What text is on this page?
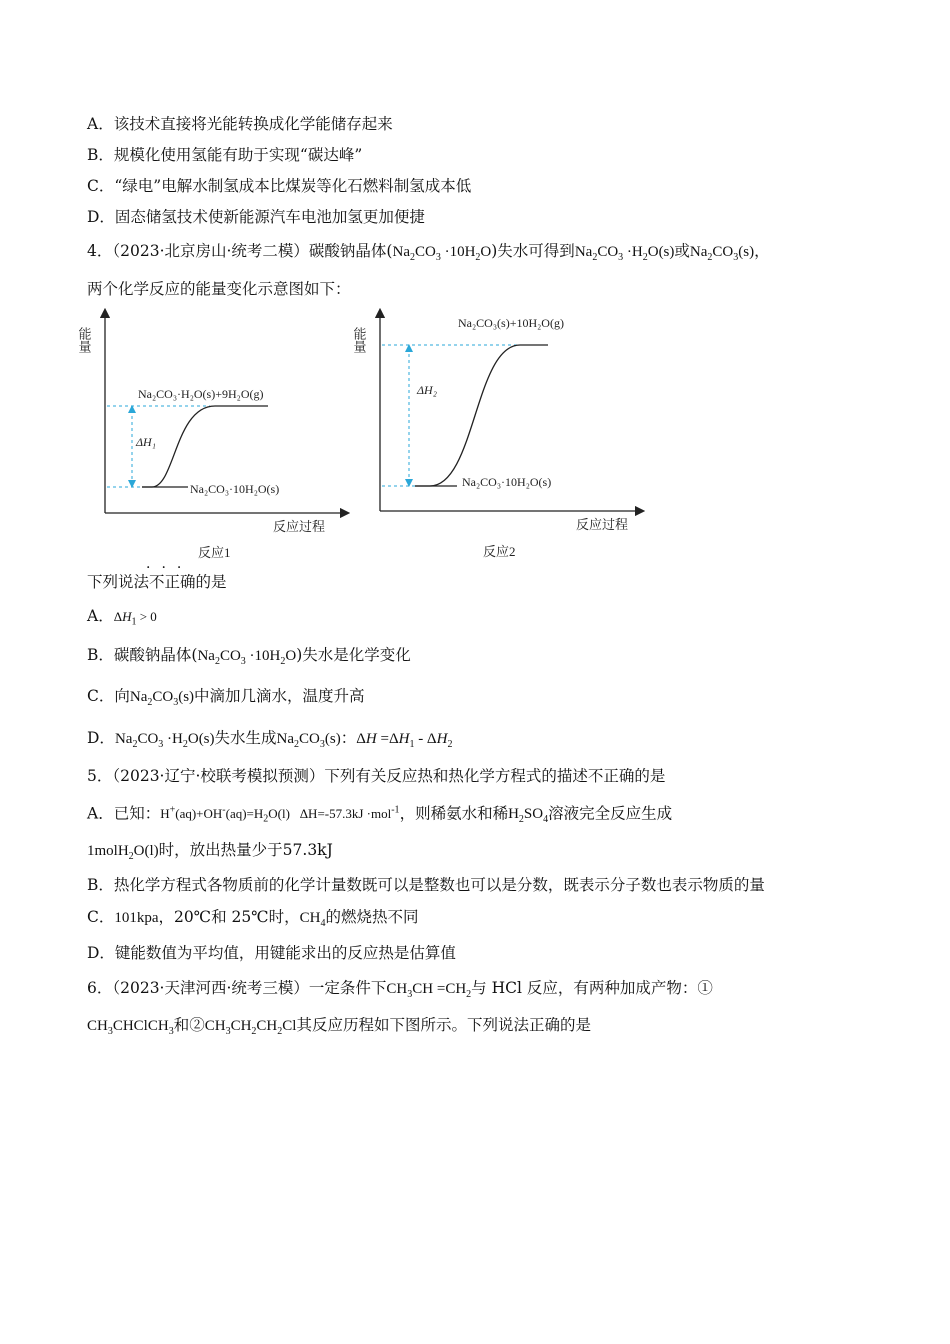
A．该技术直接将光能转换成化学能储存起来
B．规模化使用氢能有助于实现“碳达峰”
C．“绿电”电解水制氢成本比煤炭等化石燃料制氢成本低
D．固态储氢技术使新能源汽车电池加氢更加便捷
4．（2023·北京房山·统考二模）碳酸钠晶体$(Na_2CO_3 \cdot 10H_2O)$失水可得到$Na_2CO_3 \cdot H_2O(s)$或$Na_2CO_3(s)$，
两个化学反应的能量变化示意图如下：
能量
反应过程
Na₂CO₃·H₂O(s)+9H₂O(g)
Na₂CO₃·10H₂O(s)
ΔH₁
反应1
能量
反应过程
Na₂CO₃(s)+10H₂O(g)
Na₂CO₃·10H₂O(s)
ΔH₂
反应2
···
下列说法不正确的是
A．$\Delta H_1 > 0$
B．碳酸钠晶体$(Na_2CO_3 \cdot 10H_2O)$失水是化学变化
C．向$Na_2CO_3(s)$中滴加几滴水，温度升高
D．$Na_2CO_3 \cdot H_2O(s)$失水生成$Na_2CO_3(s)$：$\Delta H =\Delta H_1 - \Delta H_2$
5．（2023·辽宁·校联考模拟预测）下列有关反应热和热化学方程式的描述不正确的是
A．已知：$H^+(aq)+OH^-(aq)=H_2O(l)$   ΔH=-57.3kJ ·mol$^{-1}$，则稀氨水和稀$H_2SO_4$溶液完全反应生成
1molH$_2$O(l)时，放出热量少于57.3kJ
B．热化学方程式各物质前的化学计量数既可以是整数也可以是分数，既表示分子数也表示物质的量
C．101kpa，20℃和 25℃时，$CH_4$的燃烧热不同
D．键能数值为平均值，用键能求出的反应热是估算值
6．（2023·天津河西·统考三模）一定条件下$CH_3CH =CH_2$与 HCl 反应，有两种加成产物：①
$CH_3CHClCH_3$和$②CH_3CH_2CH_2Cl$其反应历程如下图所示。下列说法正确的是
